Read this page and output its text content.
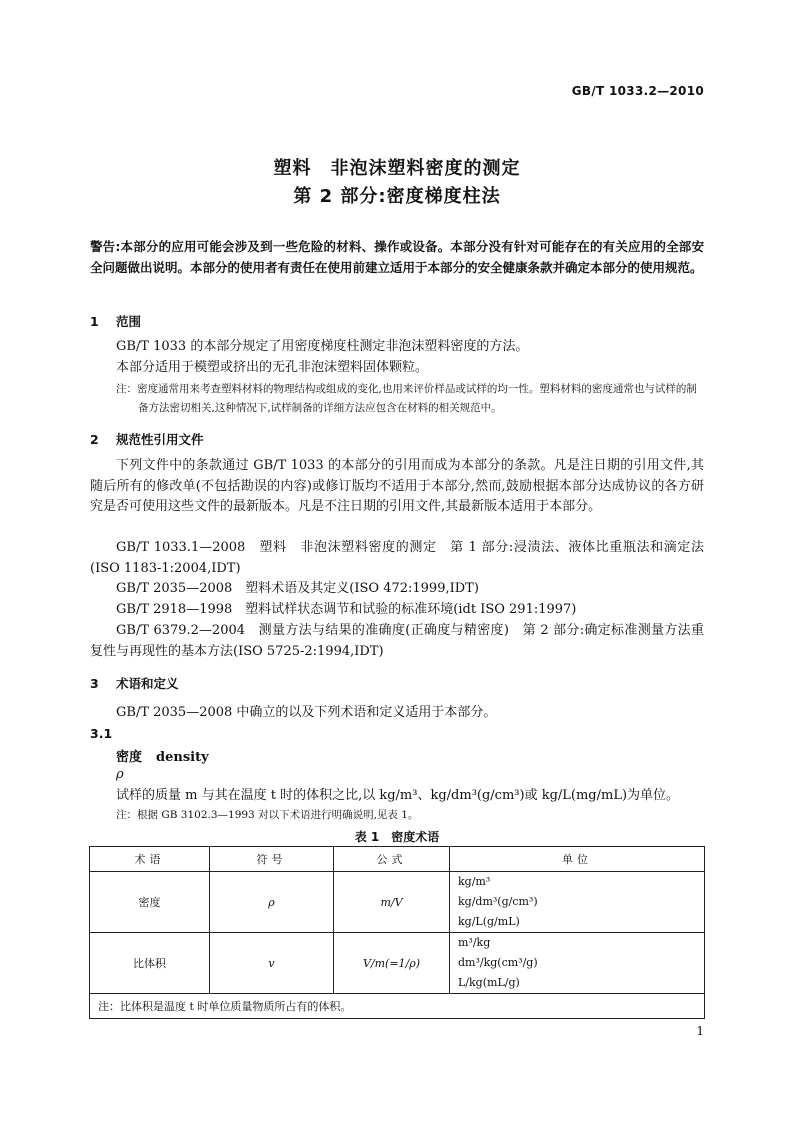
GB/T 1033.2—2010
塑料　非泡沫塑料密度的测定
第 2 部分:密度梯度柱法
警告:本部分的应用可能会涉及到一些危险的材料、操作或设备。本部分没有针对可能存在的有关应用的全部安全问题做出说明。本部分的使用者有责任在使用前建立适用于本部分的安全健康条款并确定本部分的使用规范。
1 范围
GB/T 1033 的本部分规定了用密度梯度柱测定非泡沫塑料密度的方法。
本部分适用于模塑或挤出的无孔非泡沫塑料固体颗粒。
注：密度通常用来考查塑料材料的物理结构或组成的变化,也用来评价样品或试样的均一性。塑料材料的密度通常也与试样的制备方法密切相关,这种情况下,试样制备的详细方法应包含在材料的相关规范中。
2 规范性引用文件
下列文件中的条款通过 GB/T 1033 的本部分的引用而成为本部分的条款。凡是注日期的引用文件,其随后所有的修改单(不包括勘误的内容)或修订版均不适用于本部分,然而,鼓励根据本部分达成协议的各方研究是否可使用这些文件的最新版本。凡是不注日期的引用文件,其最新版本适用于本部分。
GB/T 1033.1—2008　塑料　非泡沫塑料密度的测定　第 1 部分:浸渍法、液体比重瓶法和滴定法(ISO 1183-1:2004,IDT)
GB/T 2035—2008　塑料术语及其定义(ISO 472:1999,IDT)
GB/T 2918—1998　塑料试样状态调节和试验的标准环境(idt ISO 291:1997)
GB/T 6379.2—2004　测量方法与结果的准确度(正确度与精密度)　第 2 部分:确定标准测量方法重复性与再现性的基本方法(ISO 5725-2:1994,IDT)
3 术语和定义
GB/T 2035—2008 中确立的以及下列术语和定义适用于本部分。
3.1
密度 density
ρ
试样的质量 m 与其在温度 t 时的体积之比,以 kg/m³、kg/dm³(g/cm³)或 kg/L(mg/mL)为单位。
注：根据 GB 3102.3—1993 对以下术语进行明确说明,见表 1。
表 1　密度术语
术语	符号	公式	单位
密度	ρ	m/V	kg/m³
kg/dm³(g/cm³)
kg/L(g/mL)

比体积	v	V/m(=1/ρ)	m³/kg
dm³/kg(cm³/g)
L/kg(mL/g)

注：比体积是温度 t 时单位质量物质所占有的体积。			
1
